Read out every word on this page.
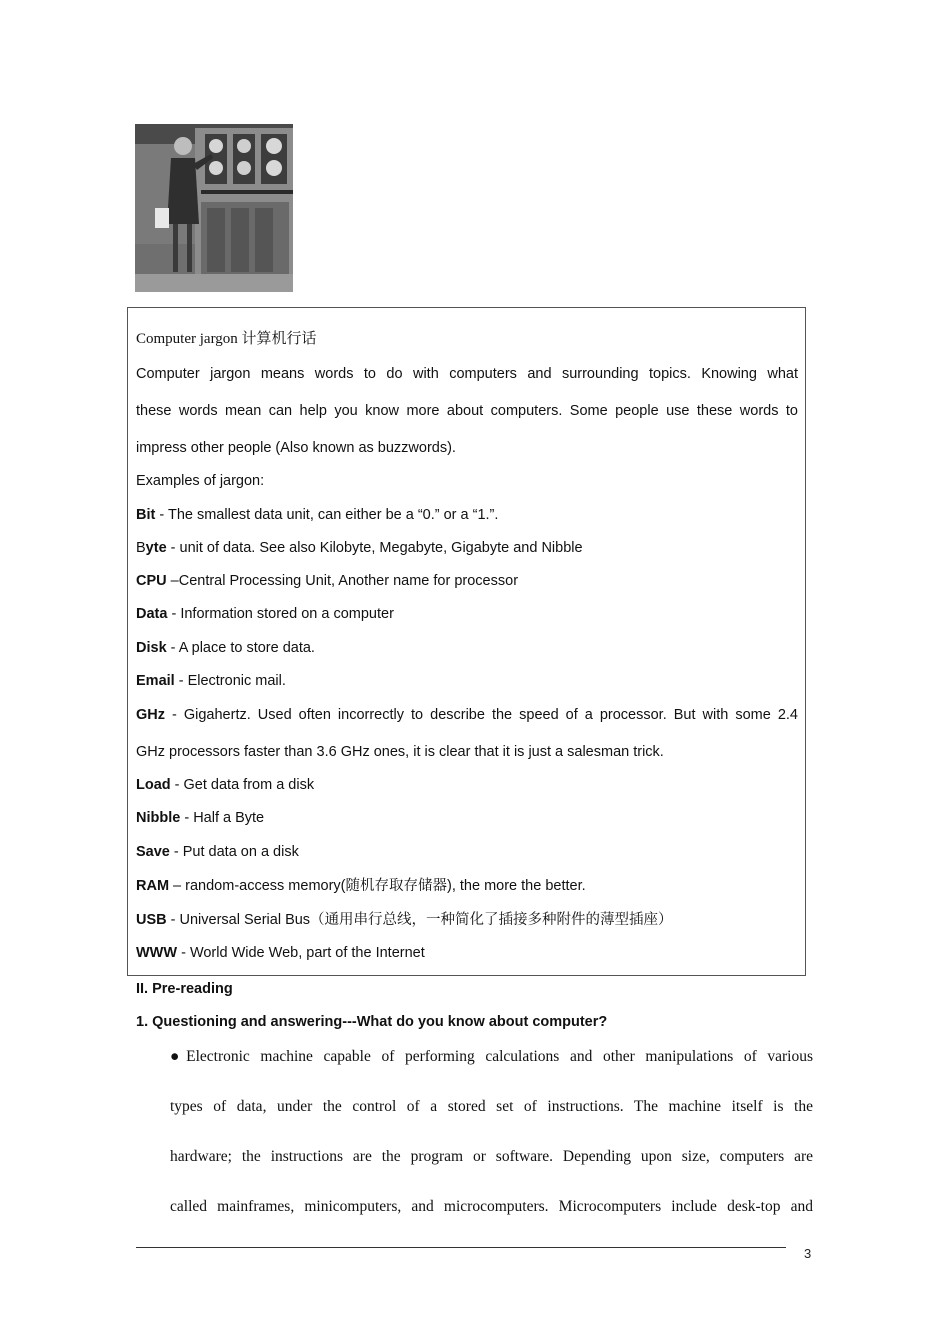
Computer jargon 计算机行话
Computer jargon means words to do with computers and surrounding topics. Knowing what
these words mean can help you know more about computers. Some people use these words to
impress other people (Also known as buzzwords).
Examples of jargon:
Bit - The smallest data unit, can either be a “0.” or a “1.”.
Byte - unit of data. See also Kilobyte, Megabyte, Gigabyte and Nibble
CPU –Central Processing Unit, Another name for processor
Data - Information stored on a computer
Disk - A place to store data.
Email - Electronic mail.
GHz - Gigahertz. Used often incorrectly to describe the speed of a processor. But with some 2.4
GHz processors faster than 3.6 GHz ones, it is clear that it is just a salesman trick.
Load - Get data from a disk
Nibble - Half a Byte
Save - Put data on a disk
RAM – random-access memory(随机存取存储器), the more the better.
USB - Universal Serial Bus（通用串行总线，一种简化了插接多种附件的薄型插座）
WWW - World Wide Web, part of the Internet
II. Pre-reading
1. Questioning and answering---What do you know about computer?
●Electronic machine capable of performing calculations and other manipulations of various
types of data, under the control of a stored set of instructions. The machine itself is the
hardware; the instructions are the program or software. Depending upon size, computers are
called mainframes, minicomputers, and microcomputers. Microcomputers include desk-top and
3
